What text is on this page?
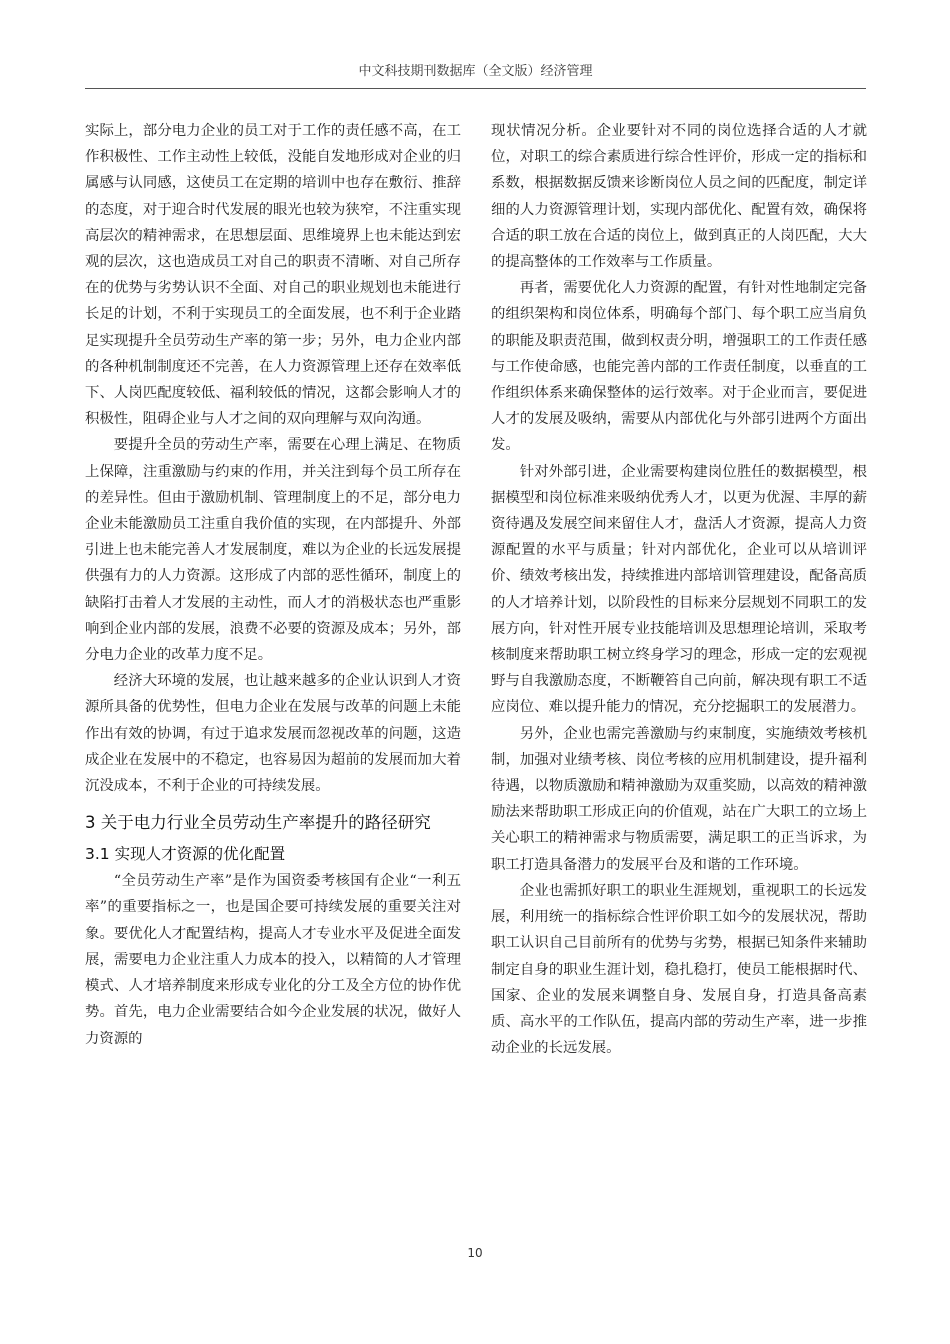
中文科技期刊数据库（全文版）经济管理

实际上，部分电力企业的员工对于工作的责任感不高，在工作积极性、工作主动性上较低，没能自发地形成对企业的归属感与认同感，这使员工在定期的培训中也存在敷衍、推辞的态度，对于迎合时代发展的眼光也较为狭窄，不注重实现高层次的精神需求，在思想层面、思维境界上也未能达到宏观的层次，这也造成员工对自己的职责不清晰、对自己所存在的优势与劣势认识不全面、对自己的职业规划也未能进行长足的计划，不利于实现员工的全面发展，也不利于企业踏足实现提升全员劳动生产率的第一步；另外，电力企业内部的各种机制制度还不完善，在人力资源管理上还存在效率低下、人岗匹配度较低、福利较低的情况，这都会影响人才的积极性，阻碍企业与人才之间的双向理解与双向沟通。

要提升全员的劳动生产率，需要在心理上满足、在物质上保障，注重激励与约束的作用，并关注到每个员工所存在的差异性。但由于激励机制、管理制度上的不足，部分电力企业未能激励员工注重自我价值的实现，在内部提升、外部引进上也未能完善人才发展制度，难以为企业的长远发展提供强有力的人力资源。这形成了内部的恶性循环，制度上的缺陷打击着人才发展的主动性，而人才的消极状态也严重影响到企业内部的发展，浪费不必要的资源及成本；另外，部分电力企业的改革力度不足。

经济大环境的发展，也让越来越多的企业认识到人才资源所具备的优势性，但电力企业在发展与改革的问题上未能作出有效的协调，有过于追求发展而忽视改革的问题，这造成企业在发展中的不稳定，也容易因为超前的发展而加大着沉没成本，不利于企业的可持续发展。

3 关于电力行业全员劳动生产率提升的路径研究
3.1 实现人才资源的优化配置

“全员劳动生产率”是作为国资委考核国有企业“一利五率”的重要指标之一，也是国企要可持续发展的重要关注对象。要优化人才配置结构，提高人才专业水平及促进全面发展，需要电力企业注重人力成本的投入，以精简的人才管理模式、人才培养制度来形成专业化的分工及全方位的协作优势。首先，电力企业需要结合如今企业发展的状况，做好人力资源的

现状情况分析。企业要针对不同的岗位选择合适的人才就位，对职工的综合素质进行综合性评价，形成一定的指标和系数，根据数据反馈来诊断岗位人员之间的匹配度，制定详细的人力资源管理计划，实现内部优化、配置有效，确保将合适的职工放在合适的岗位上，做到真正的人岗匹配，大大的提高整体的工作效率与工作质量。

再者，需要优化人力资源的配置，有针对性地制定完备的组织架构和岗位体系，明确每个部门、每个职工应当肩负的职能及职责范围，做到权责分明，增强职工的工作责任感与工作使命感，也能完善内部的工作责任制度，以垂直的工作组织体系来确保整体的运行效率。对于企业而言，要促进人才的发展及吸纳，需要从内部优化与外部引进两个方面出发。

针对外部引进，企业需要构建岗位胜任的数据模型，根据模型和岗位标准来吸纳优秀人才，以更为优渥、丰厚的薪资待遇及发展空间来留住人才，盘活人才资源，提高人力资源配置的水平与质量；针对内部优化，企业可以从培训评价、绩效考核出发，持续推进内部培训管理建设，配备高质的人才培养计划，以阶段性的目标来分层规划不同职工的发展方向，针对性开展专业技能培训及思想理论培训，采取考核制度来帮助职工树立终身学习的理念，形成一定的宏观视野与自我激励态度，不断鞭笞自己向前，解决现有职工不适应岗位、难以提升能力的情况，充分挖掘职工的发展潜力。

另外，企业也需完善激励与约束制度，实施绩效考核机制，加强对业绩考核、岗位考核的应用机制建设，提升福利待遇，以物质激励和精神激励为双重奖励，以高效的精神激励法来帮助职工形成正向的价值观，站在广大职工的立场上关心职工的精神需求与物质需要，满足职工的正当诉求，为职工打造具备潜力的发展平台及和谐的工作环境。

企业也需抓好职工的职业生涯规划，重视职工的长远发展，利用统一的指标综合性评价职工如今的发展状况，帮助职工认识自己目前所有的优势与劣势，根据已知条件来辅助制定自身的职业生涯计划，稳扎稳打，使员工能根据时代、国家、企业的发展来调整自身、发展自身，打造具备高素质、高水平的工作队伍，提高内部的劳动生产率，进一步推动企业的长远发展。

10
